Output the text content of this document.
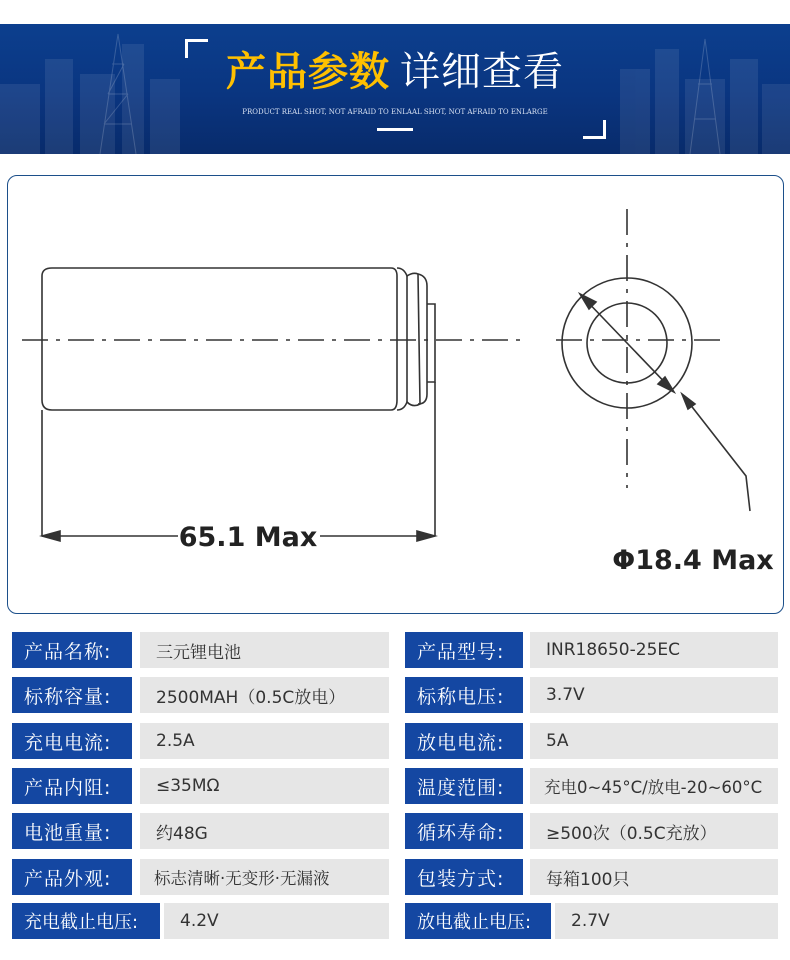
产品参数 详细查看
PRODUCT REAL SHOT, NOT AFRAID TO ENLAAL SHOT, NOT AFRAID TO ENLARGE
65.1 Max
Φ18.4 Max
产品名称:	三元锂电池	产品型号:	INR18650-25EC
标称容量:	2500MAH（0.5C放电）	标称电压:	3.7V
充电电流:	2.5A	放电电流:	5A
产品内阻:	≤35MΩ	温度范围:	充电0~45°C/放电-20~60°C
电池重量:	约48G	循环寿命:	≥500次（0.5C充放）
产品外观:	标志清晰·无变形·无漏液	包装方式:	每箱100只
充电截止电压:	4.2V	放电截止电压:	2.7V
